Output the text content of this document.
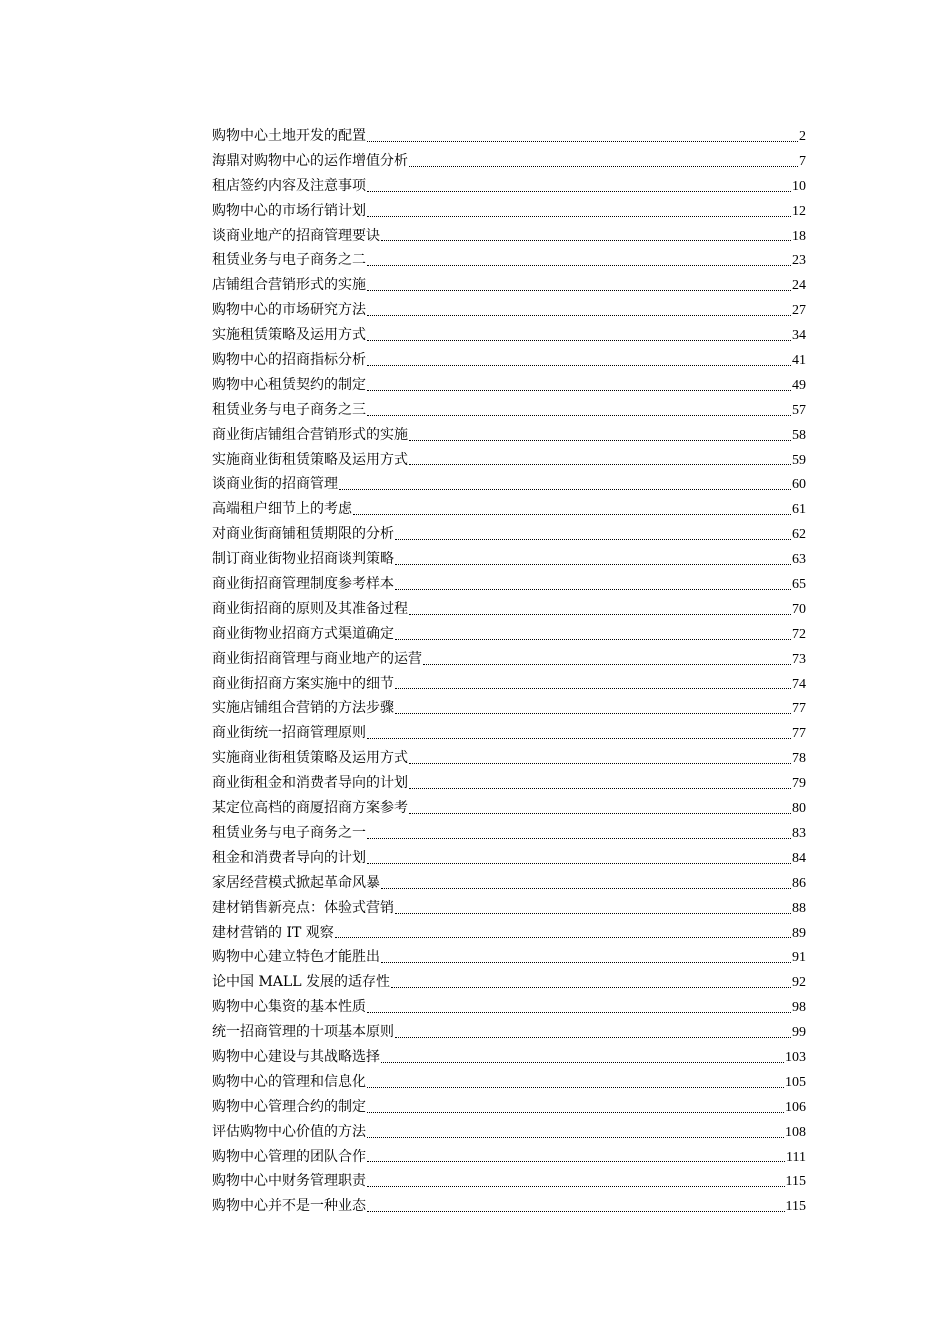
购物中心土地开发的配置	2
海鼎对购物中心的运作增值分析	7
租店签约内容及注意事项	10
购物中心的市场行销计划	12
谈商业地产的招商管理要诀	18
租赁业务与电子商务之二	23
店铺组合营销形式的实施	24
购物中心的市场研究方法	27
实施租赁策略及运用方式	34
购物中心的招商指标分析	41
购物中心租赁契约的制定	49
租赁业务与电子商务之三	57
商业街店铺组合营销形式的实施	58
实施商业街租赁策略及运用方式	59
谈商业街的招商管理	60
高端租户细节上的考虑	61
对商业街商铺租赁期限的分析	62
制订商业街物业招商谈判策略	63
商业街招商管理制度参考样本	65
商业街招商的原则及其准备过程	70
商业街物业招商方式渠道确定	72
商业街招商管理与商业地产的运营	73
商业街招商方案实施中的细节	74
实施店铺组合营销的方法步骤	77
商业街统一招商管理原则	77
实施商业街租赁策略及运用方式	78
商业街租金和消费者导向的计划	79
某定位高档的商厦招商方案参考	80
租赁业务与电子商务之一	83
租金和消费者导向的计划	84
家居经营模式掀起革命风暴	86
建材销售新亮点：体验式营销	88
建材营销的 IT 观察	89
购物中心建立特色才能胜出	91
论中国 MALL 发展的适存性	92
购物中心集资的基本性质	98
统一招商管理的十项基本原则	99
购物中心建设与其战略选择	103
购物中心的管理和信息化	105
购物中心管理合约的制定	106
评估购物中心价值的方法	108
购物中心管理的团队合作	111
购物中心中财务管理职责	115
购物中心并不是一种业态	115
